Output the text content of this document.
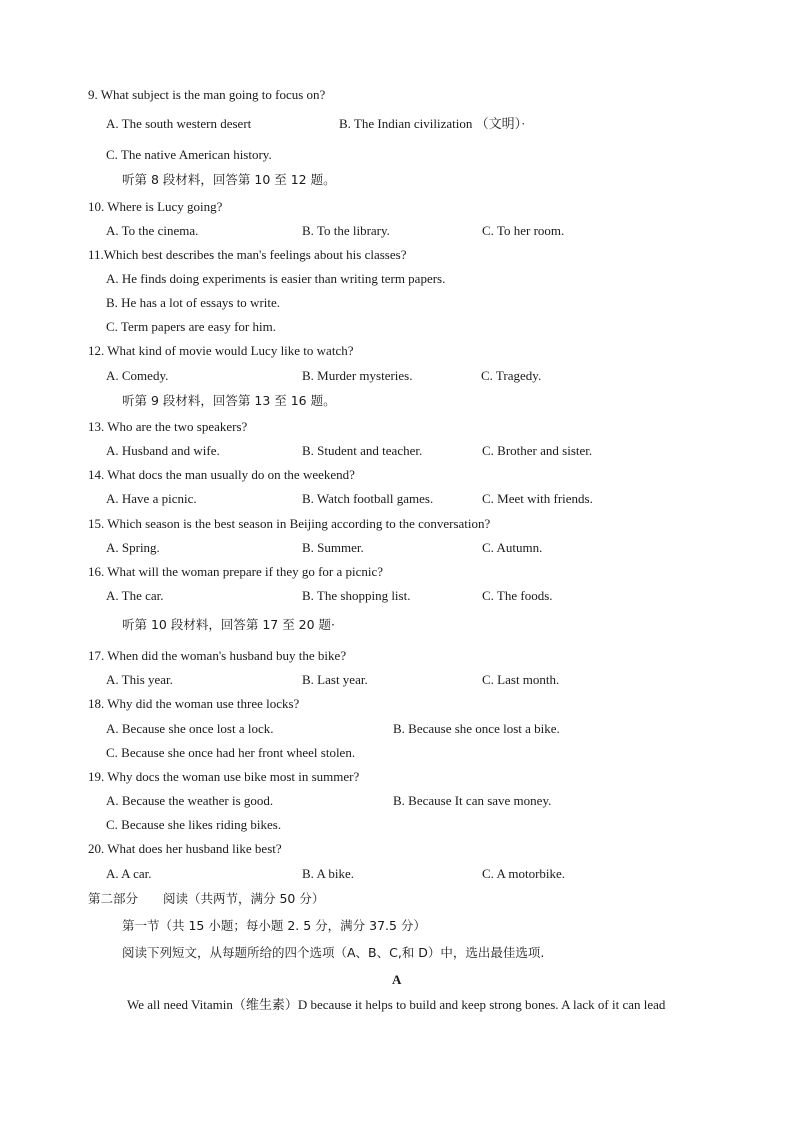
9. What subject is the man going to focus on?
A. The south western desert	B. The Indian civilization （文明）·
C. The native American history.
听第 8 段材料，回答第 10 至 12 题。
10. Where is Lucy going?
A. To the cinema.	B. To the library.	C. To her room.
11.Which best describes the man's feelings about his classes?
A. He finds doing experiments is easier than writing term papers.
B. He has a lot of essays to write.
C. Term papers are easy for him.
12. What kind of movie would Lucy like to watch?
A. Comedy.	B. Murder mysteries.	C. Tragedy.
听第 9 段材料，回答第 13 至 16 题。
13. Who are the two speakers?
A. Husband and wife.	B. Student and teacher.	C. Brother and sister.
14. What docs the man usually do on the weekend?
A. Have a picnic.	B. Watch football games.	C. Meet with friends.
15. Which season is the best season in Beijing according to the conversation?
A. Spring.	B. Summer.	C. Autumn.
16. What will the woman prepare if they go for a picnic?
A. The car.	B. The shopping list.	C. The foods.
听第 10 段材料，回答第 17 至 20 题·
17. When did the woman's husband buy the bike?
A. This year.	B. Last year.	C. Last month.
18. Why did the woman use three locks?
A. Because she once lost a lock.	B. Because she once lost a bike.
C. Because she once had her front wheel stolen.
19. Why docs the woman use bike most in summer?
A. Because the weather is good.	B. Because It can save money.
C. Because she likes riding bikes.
20. What does her husband like best?
A. A car.	B. A bike.	C. A motorbike.
第二部分　　阅读（共两节，满分 50 分）
第一节（共 15 小题；每小题 2. 5 分，满分 37.5 分）
阅读下列短文，从每题所给的四个选项（A、B、C,和 D）中，选出最佳选项.
A
We all need Vitamin（维生素）D because it helps to build and keep strong bones. A lack of it can lead
